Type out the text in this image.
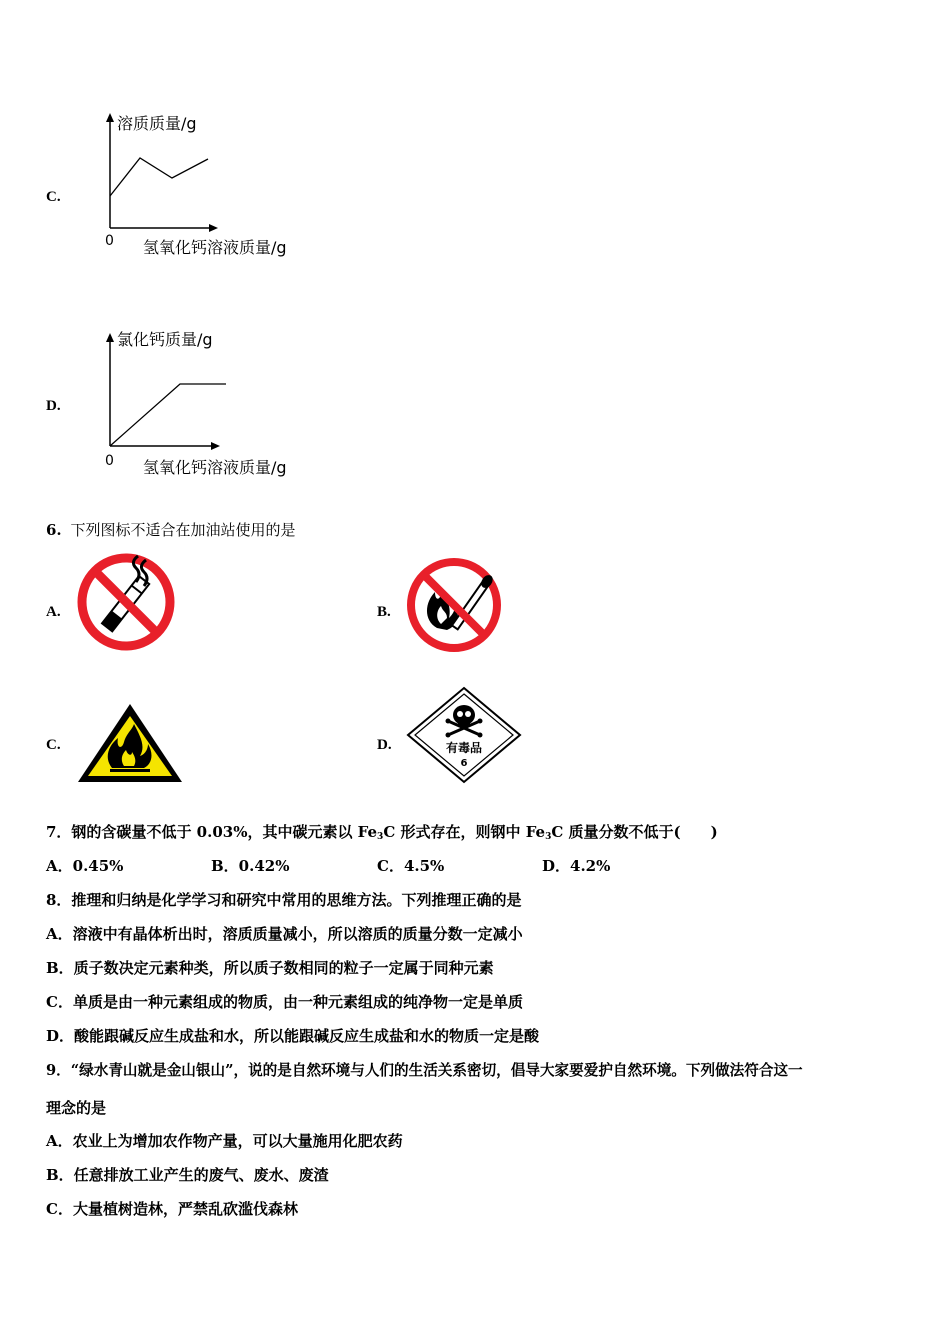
C.
溶质质量/g
0 氢氧化钙溶液质量/g
D.
氯化钙质量/g
0 氢氧化钙溶液质量/g
6. 下列图标不适合在加油站使用的是
A.	B.
C.	D.	有毒品
6
7．钢的含碳量不低于 0.03%，其中碳元素以 $Fe_3C$ 形式存在，则钢中 $Fe_3C$ 质量分数不低于(　　)
A．0.45%	B．0.42%	C．4.5%	D．4.2%
8．推理和归纳是化学学习和研究中常用的思维方法。下列推理正确的是
A．溶液中有晶体析出时，溶质质量减小，所以溶质的质量分数一定减小
B．质子数决定元素种类，所以质子数相同的粒子一定属于同种元素
C．单质是由一种元素组成的物质，由一种元素组成的纯净物一定是单质
D．酸能跟碱反应生成盐和水，所以能跟碱反应生成盐和水的物质一定是酸
9．“绿水青山就是金山银山”，说的是自然环境与人们的生活关系密切，倡导大家要爱护自然环境。下列做法符合这一
理念的是
A．农业上为增加农作物产量，可以大量施用化肥农药
B．任意排放工业产生的废气、废水、废渣
C．大量植树造林，严禁乱砍滥伐森林
